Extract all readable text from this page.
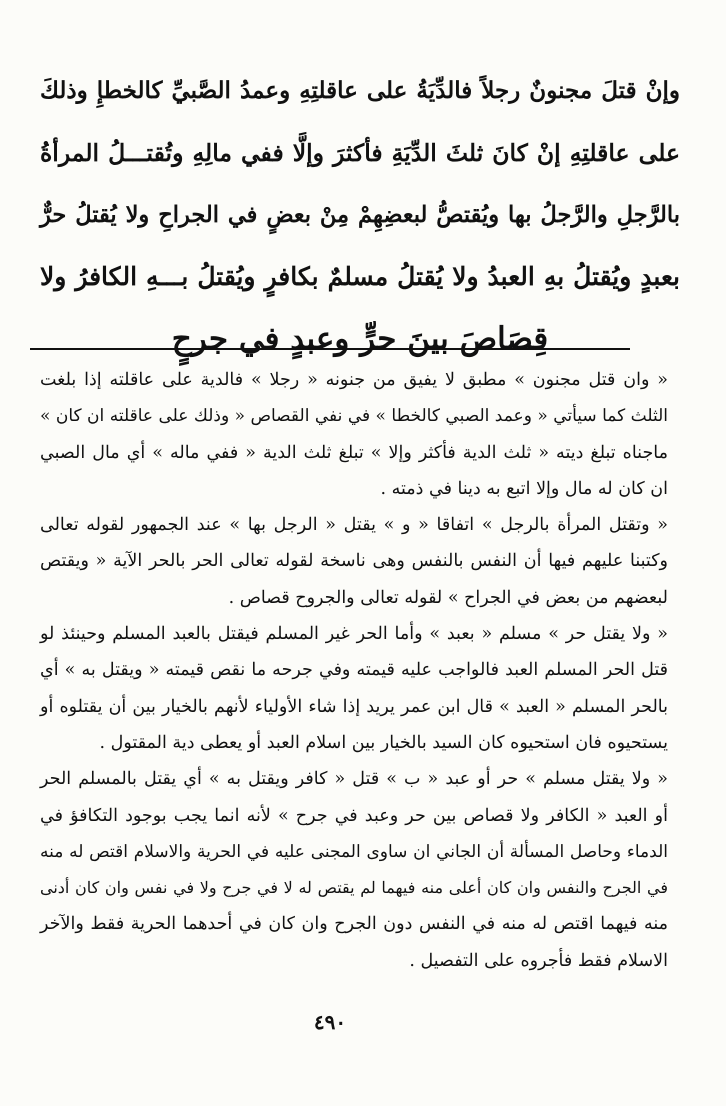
وإنْ قتلَ مجنونٌ رجلاً فالدِّيَةُ على عاقلتِهِ وعمدُ الصَّبيِّ كالخطإِ وذلكَ
على عاقلتِهِ إنْ كانَ ثلثَ الدِّيَةِ فأكثرَ وإلَّا ففي مالِهِ وتُقتـــلُ المرأةُ
بالرَّجلِ والرَّجلُ بها ويُقتصُّ لبعضِهِمْ مِنْ بعضٍ في الجراحِ ولا يُقتلُ حرٌّ
بعبدٍ ويُقتلُ بهِ العبدُ ولا يُقتلُ مسلمٌ بكافرٍ ويُقتلُ بـــهِ الكافرُ ولا
قِصَاصَ بينَ حرٍّ وعبدٍ في جرحٍ
« وان قتل مجنون » مطبق لا يفيق من جنونه « رجلا » فالدية على عاقلته إذا بلغت
الثلث كما سيأتي « وعمد الصبي كالخطا » في نفي القصاص « وذلك على عاقلته ان كان »
ماجناه تبلغ ديته « ثلث الدية فأكثر وإلا » تبلغ ثلث الدية « ففي ماله » أي مال الصبي
ان كان له مال وإلا اتبع به دينا في ذمته .
« وتقتل المرأة بالرجل » اتفاقا « و » يقتل « الرجل بها » عند الجمهور لقوله تعالى
وكتبنا عليهم فيها أن النفس بالنفس وهى ناسخة لقوله تعالى الحر بالحر الآية « ويقتص
لبعضهم من بعض في الجراح » لقوله تعالى والجروح قصاص .
« ولا يقتل حر » مسلم « بعبد » وأما الحر غير المسلم فيقتل بالعبد المسلم وحينئذ لو
قتل الحر المسلم العبد فالواجب عليه قيمته وفي جرحه ما نقص قيمته « ويقتل به » أي
بالحر المسلم « العبد » قال ابن عمر يريد إذا شاء الأولياء لأنهم بالخيار بين أن يقتلوه أو
يستحيوه فان استحيوه كان السيد بالخيار بين اسلام العبد أو يعطى دية المقتول .
« ولا يقتل مسلم » حر أو عبد « ب » قتل « كافر ويقتل به » أي يقتل بالمسلم الحر
أو العبد « الكافر ولا قصاص بين حر وعبد في جرح » لأنه انما يجب بوجود التكافؤ في
الدماء وحاصل المسألة أن الجاني ان ساوى المجنى عليه في الحرية والاسلام اقتص له منه
في الجرح والنفس وان كان أعلى منه فيهما لم يقتص له لا في جرح ولا في نفس وان كان أدنى
منه فيهما اقتص له منه في النفس دون الجرح وان كان في أحدهما الحرية فقط والآخر
الاسلام فقط فأجروه على التفصيل .
٤٩٠
